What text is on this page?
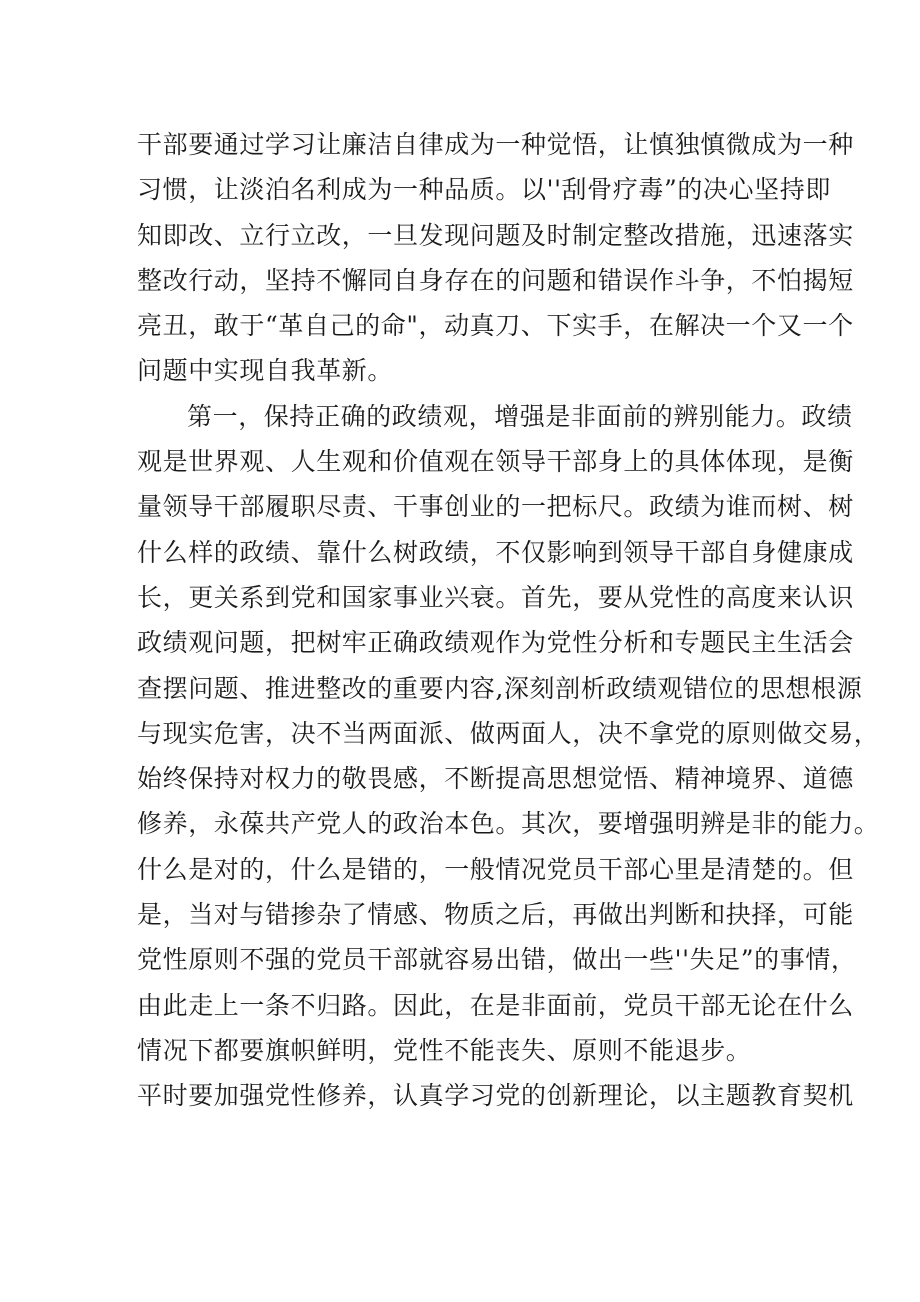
干部要通过学习让廉洁自律成为一种觉悟，让慎独慎微成为一种
习惯，让淡泊名利成为一种品质。以''刮骨疗毒”的决心坚持即
知即改、立行立改，一旦发现问题及时制定整改措施，迅速落实
整改行动，坚持不懈同自身存在的问题和错误作斗争，不怕揭短
亮丑，敢于“革自己的命"，动真刀、下实手，在解决一个又一个
问题中实现自我革新。
第一，保持正确的政绩观，增强是非面前的辨别能力。政绩
观是世界观、人生观和价值观在领导干部身上的具体体现，是衡
量领导干部履职尽责、干事创业的一把标尺。政绩为谁而树、树
什么样的政绩、靠什么树政绩，不仅影响到领导干部自身健康成
长，更关系到党和国家事业兴衰。首先，要从党性的高度来认识
政绩观问题，把树牢正确政绩观作为党性分析和专题民主生活会
查摆问题、推进整改的重要内容,深刻剖析政绩观错位的思想根源
与现实危害，决不当两面派、做两面人，决不拿党的原则做交易，
始终保持对权力的敬畏感，不断提高思想觉悟、精神境界、道德
修养，永葆共产党人的政治本色。其次，要增强明辨是非的能力。
什么是对的，什么是错的，一般情况党员干部心里是清楚的。但
是，当对与错掺杂了情感、物质之后，再做出判断和抉择，可能
党性原则不强的党员干部就容易出错，做出一些''失足”的事情，
由此走上一条不归路。因此，在是非面前，党员干部无论在什么
情况下都要旗帜鲜明，党性不能丧失、原则不能退步。
平时要加强党性修养，认真学习党的创新理论，以主题教育契机
